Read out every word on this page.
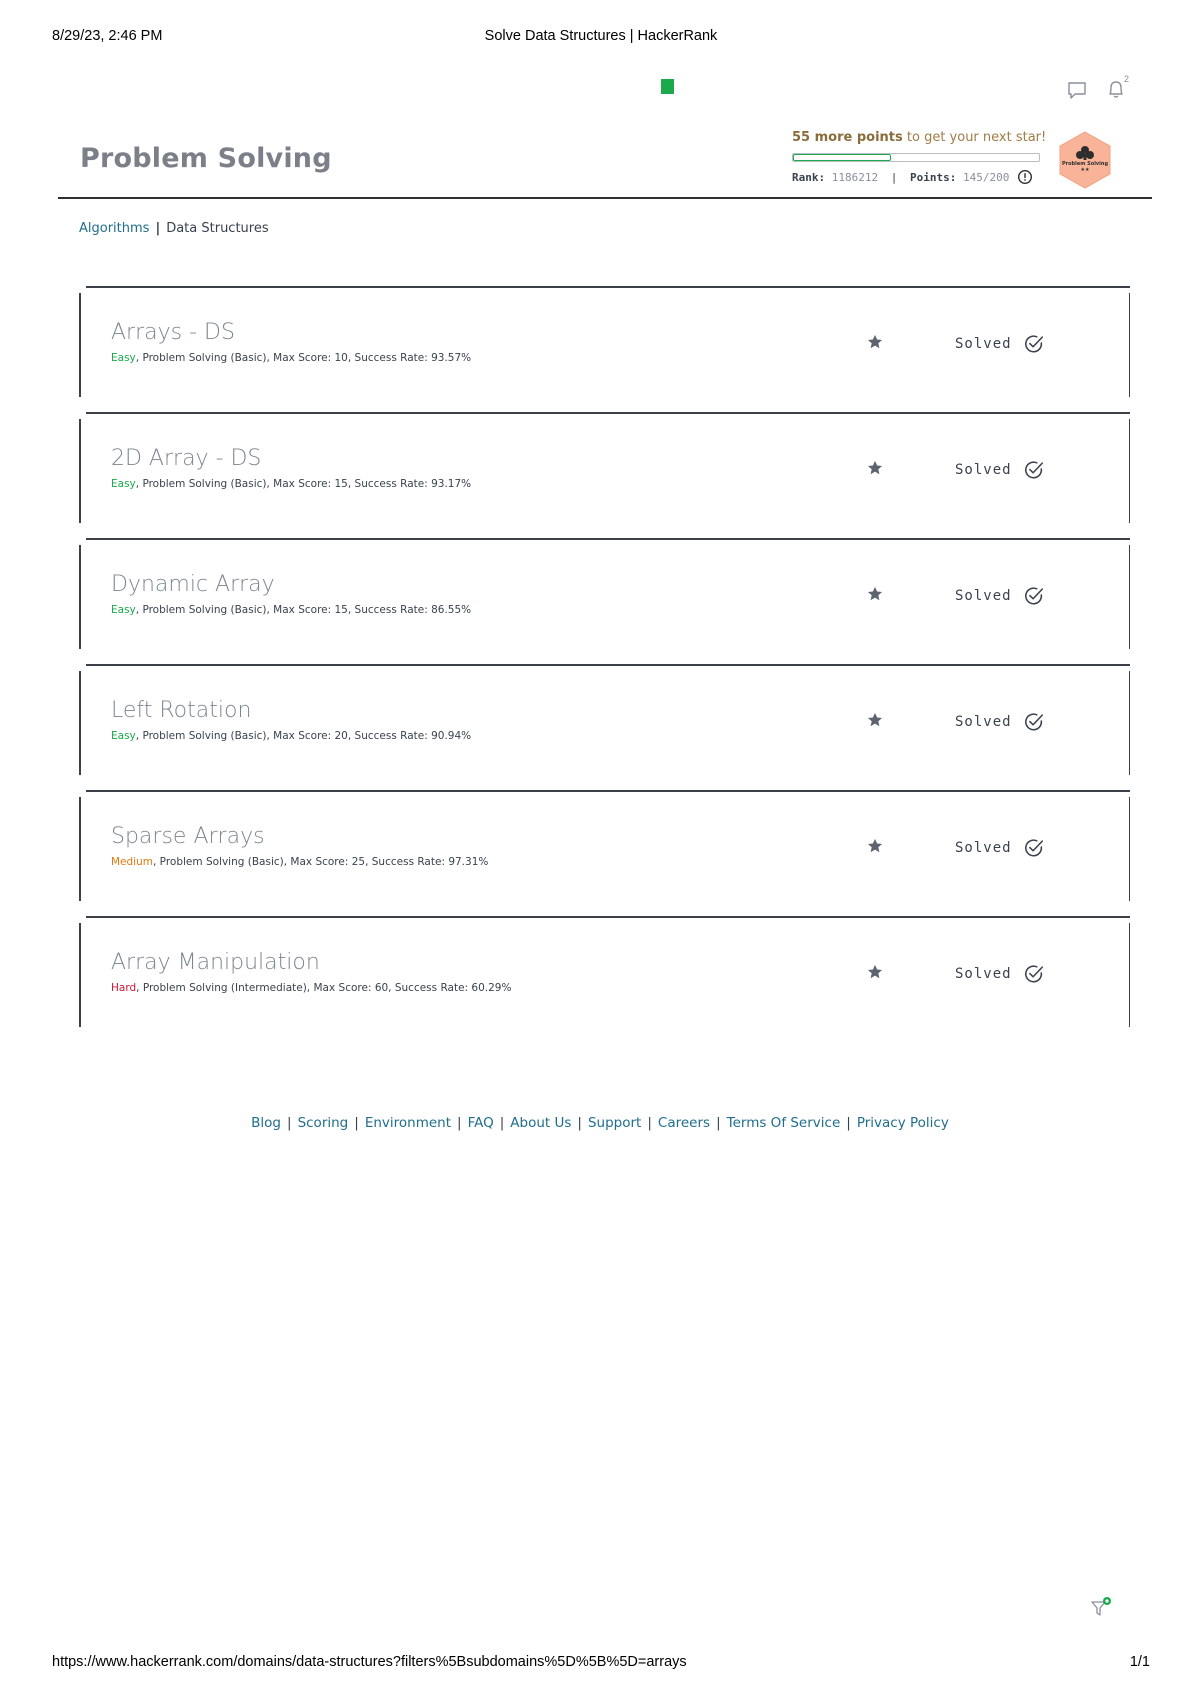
8/29/23, 2:46 PM	Solve Data Structures | HackerRank
2
Problem Solving
55 more points to get your next star!
Rank: 1186212 | Points: 145/200
Problem Solving
★★
Algorithms | Data Structures
Arrays - DS
Easy, Problem Solving (Basic), Max Score: 10, Success Rate: 93.57%
Solved
2D Array - DS
Easy, Problem Solving (Basic), Max Score: 15, Success Rate: 93.17%
Solved
Dynamic Array
Easy, Problem Solving (Basic), Max Score: 15, Success Rate: 86.55%
Solved
Left Rotation
Easy, Problem Solving (Basic), Max Score: 20, Success Rate: 90.94%
Solved
Sparse Arrays
Medium, Problem Solving (Basic), Max Score: 25, Success Rate: 97.31%
Solved
Array Manipulation
Hard, Problem Solving (Intermediate), Max Score: 60, Success Rate: 60.29%
Solved
Blog | Scoring | Environment | FAQ | About Us | Support | Careers | Terms Of Service | Privacy Policy
https://www.hackerrank.com/domains/data-structures?filters%5Bsubdomains%5D%5B%5D=arrays	1/1
